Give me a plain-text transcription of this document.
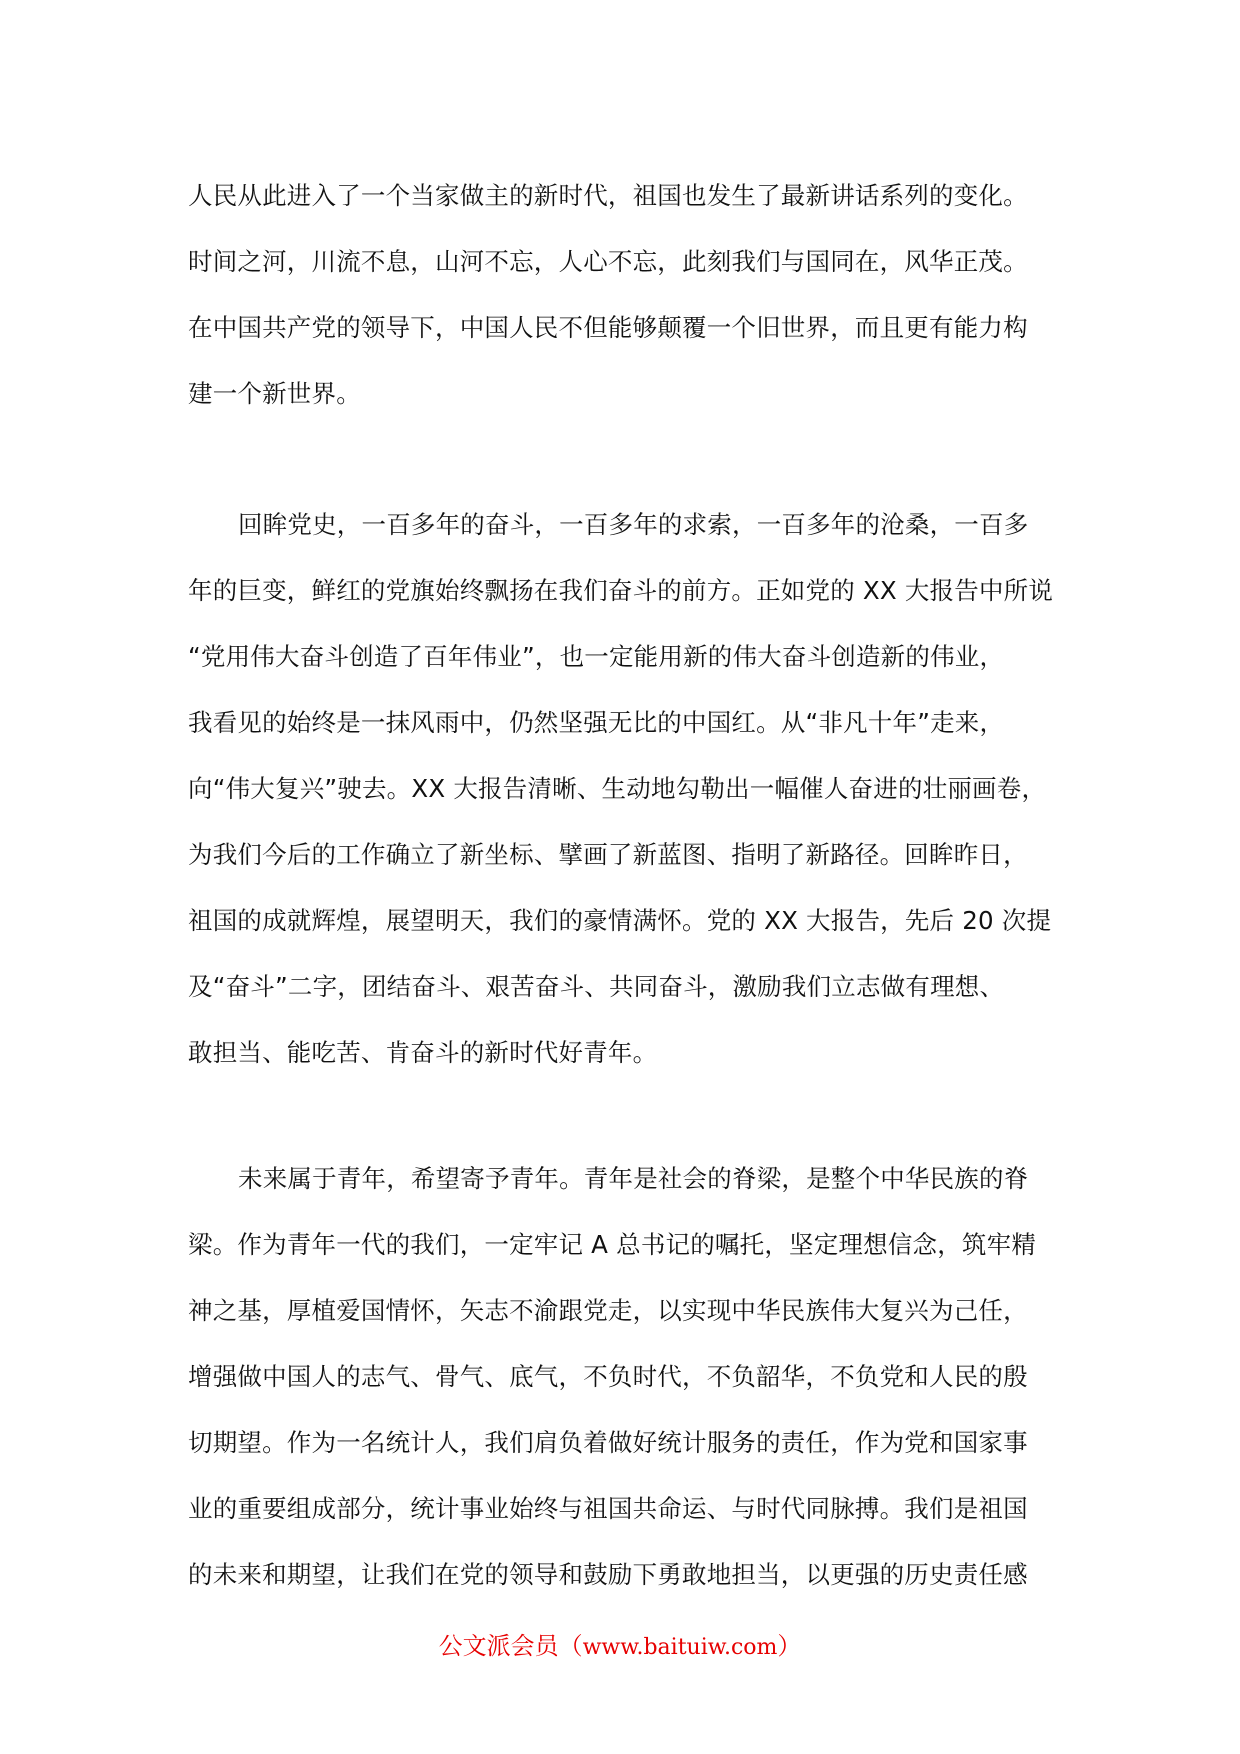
人民从此进入了一个当家做主的新时代，祖国也发生了最新讲话系列的变化。
时间之河，川流不息，山河不忘，人心不忘，此刻我们与国同在，风华正茂。
在中国共产党的领导下，中国人民不但能够颠覆一个旧世界，而且更有能力构
建一个新世界。
回眸党史，一百多年的奋斗，一百多年的求索，一百多年的沧桑，一百多
年的巨变，鲜红的党旗始终飘扬在我们奋斗的前方。正如党的 XX 大报告中所说
“党用伟大奋斗创造了百年伟业”，也一定能用新的伟大奋斗创造新的伟业，
我看见的始终是一抹风雨中，仍然坚强无比的中国红。从“非凡十年”走来，
向“伟大复兴”驶去。XX 大报告清晰、生动地勾勒出一幅催人奋进的壮丽画卷，
为我们今后的工作确立了新坐标、擘画了新蓝图、指明了新路径。回眸昨日，
祖国的成就辉煌，展望明天，我们的豪情满怀。党的 XX 大报告，先后 20 次提
及“奋斗”二字，团结奋斗、艰苦奋斗、共同奋斗，激励我们立志做有理想、
敢担当、能吃苦、肯奋斗的新时代好青年。
未来属于青年，希望寄予青年。青年是社会的脊梁，是整个中华民族的脊
梁。作为青年一代的我们，一定牢记 A 总书记的嘱托，坚定理想信念，筑牢精
神之基，厚植爱国情怀，矢志不渝跟党走，以实现中华民族伟大复兴为己任，
增强做中国人的志气、骨气、底气，不负时代，不负韶华，不负党和人民的殷
切期望。作为一名统计人，我们肩负着做好统计服务的责任，作为党和国家事
业的重要组成部分，统计事业始终与祖国共命运、与时代同脉搏。我们是祖国
的未来和期望，让我们在党的领导和鼓励下勇敢地担当，以更强的历史责任感
公文派会员（www.baituiw.com）
